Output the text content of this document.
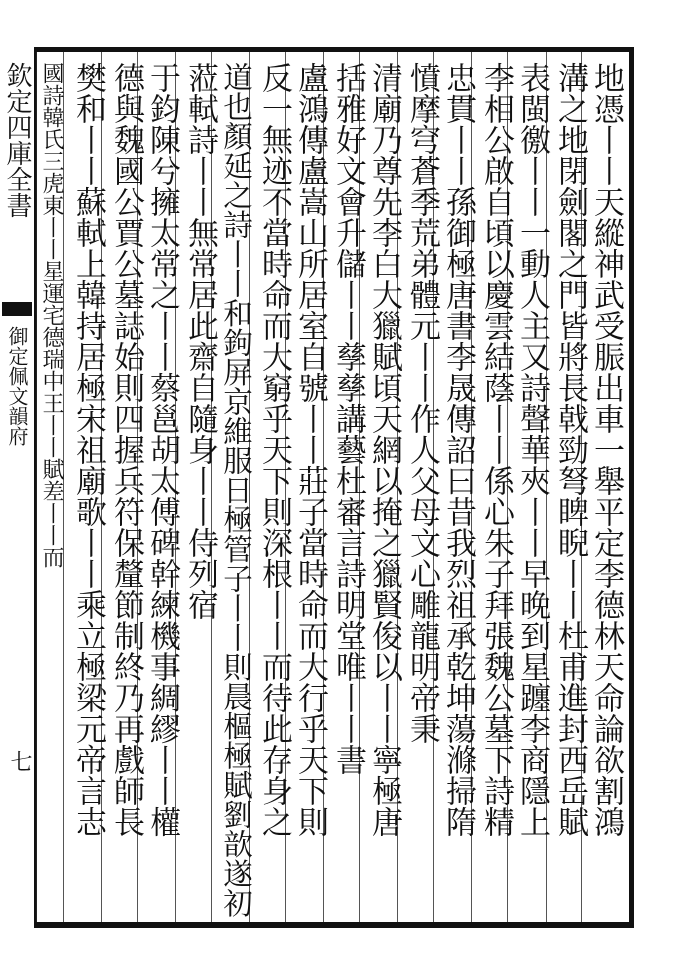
欽定四庫全書
御定佩文韻府
七	地憑丨丨天縱神武受脤出車一舉平定李德林天命論欲割鴻
溝之地閉劍閣之門皆將長戟勁弩睥睨丨丨杜甫進封西岳賦
表閩徼丨丨一動人主又詩聲華夾丨丨早晚到星躔李商隱上
李相公啟自頃以慶雲結蔭丨丨係心朱子拜張魏公墓下詩精
忠貫丨丨孫御極唐書李晟傳詔曰昔我烈祖承乾坤蕩滌掃隋
憤摩穹蒼季荒弟體元丨丨作人父母文心雕龍明帝秉
清廟乃尊先李白大獵賦頃天網以掩之獵賢俊以丨丨寧極唐
括雅好文會升儲丨丨孳孳講藝杜審言詩明堂唯丨丨書
盧鴻傳盧嵩山所居室自號丨丨莊子當時命而大行乎天下則
反一無迹不當時命而大窮乎天下則深根丨丨而待此存身之
道也顏延之詩丨丨和鉤屏京維服日極管子丨丨則晨樞極賦劉歆遂初
蒞軾詩丨丨無常居此齋自隨身丨丨侍列宿
于鈞陳兮擁太常之丨丨蔡邕胡太傅碑幹練機事綢繆丨丨權
德與魏國公賈公墓誌始則四握兵符保釐節制終乃再戲師長
樊和丨丨蘇軾上韓持居極宋祖廟歌丨丨乘立極梁元帝言志
國詩韓氏三虎東丨丨星運宅德瑞中王丨丨賦差丨丨而
